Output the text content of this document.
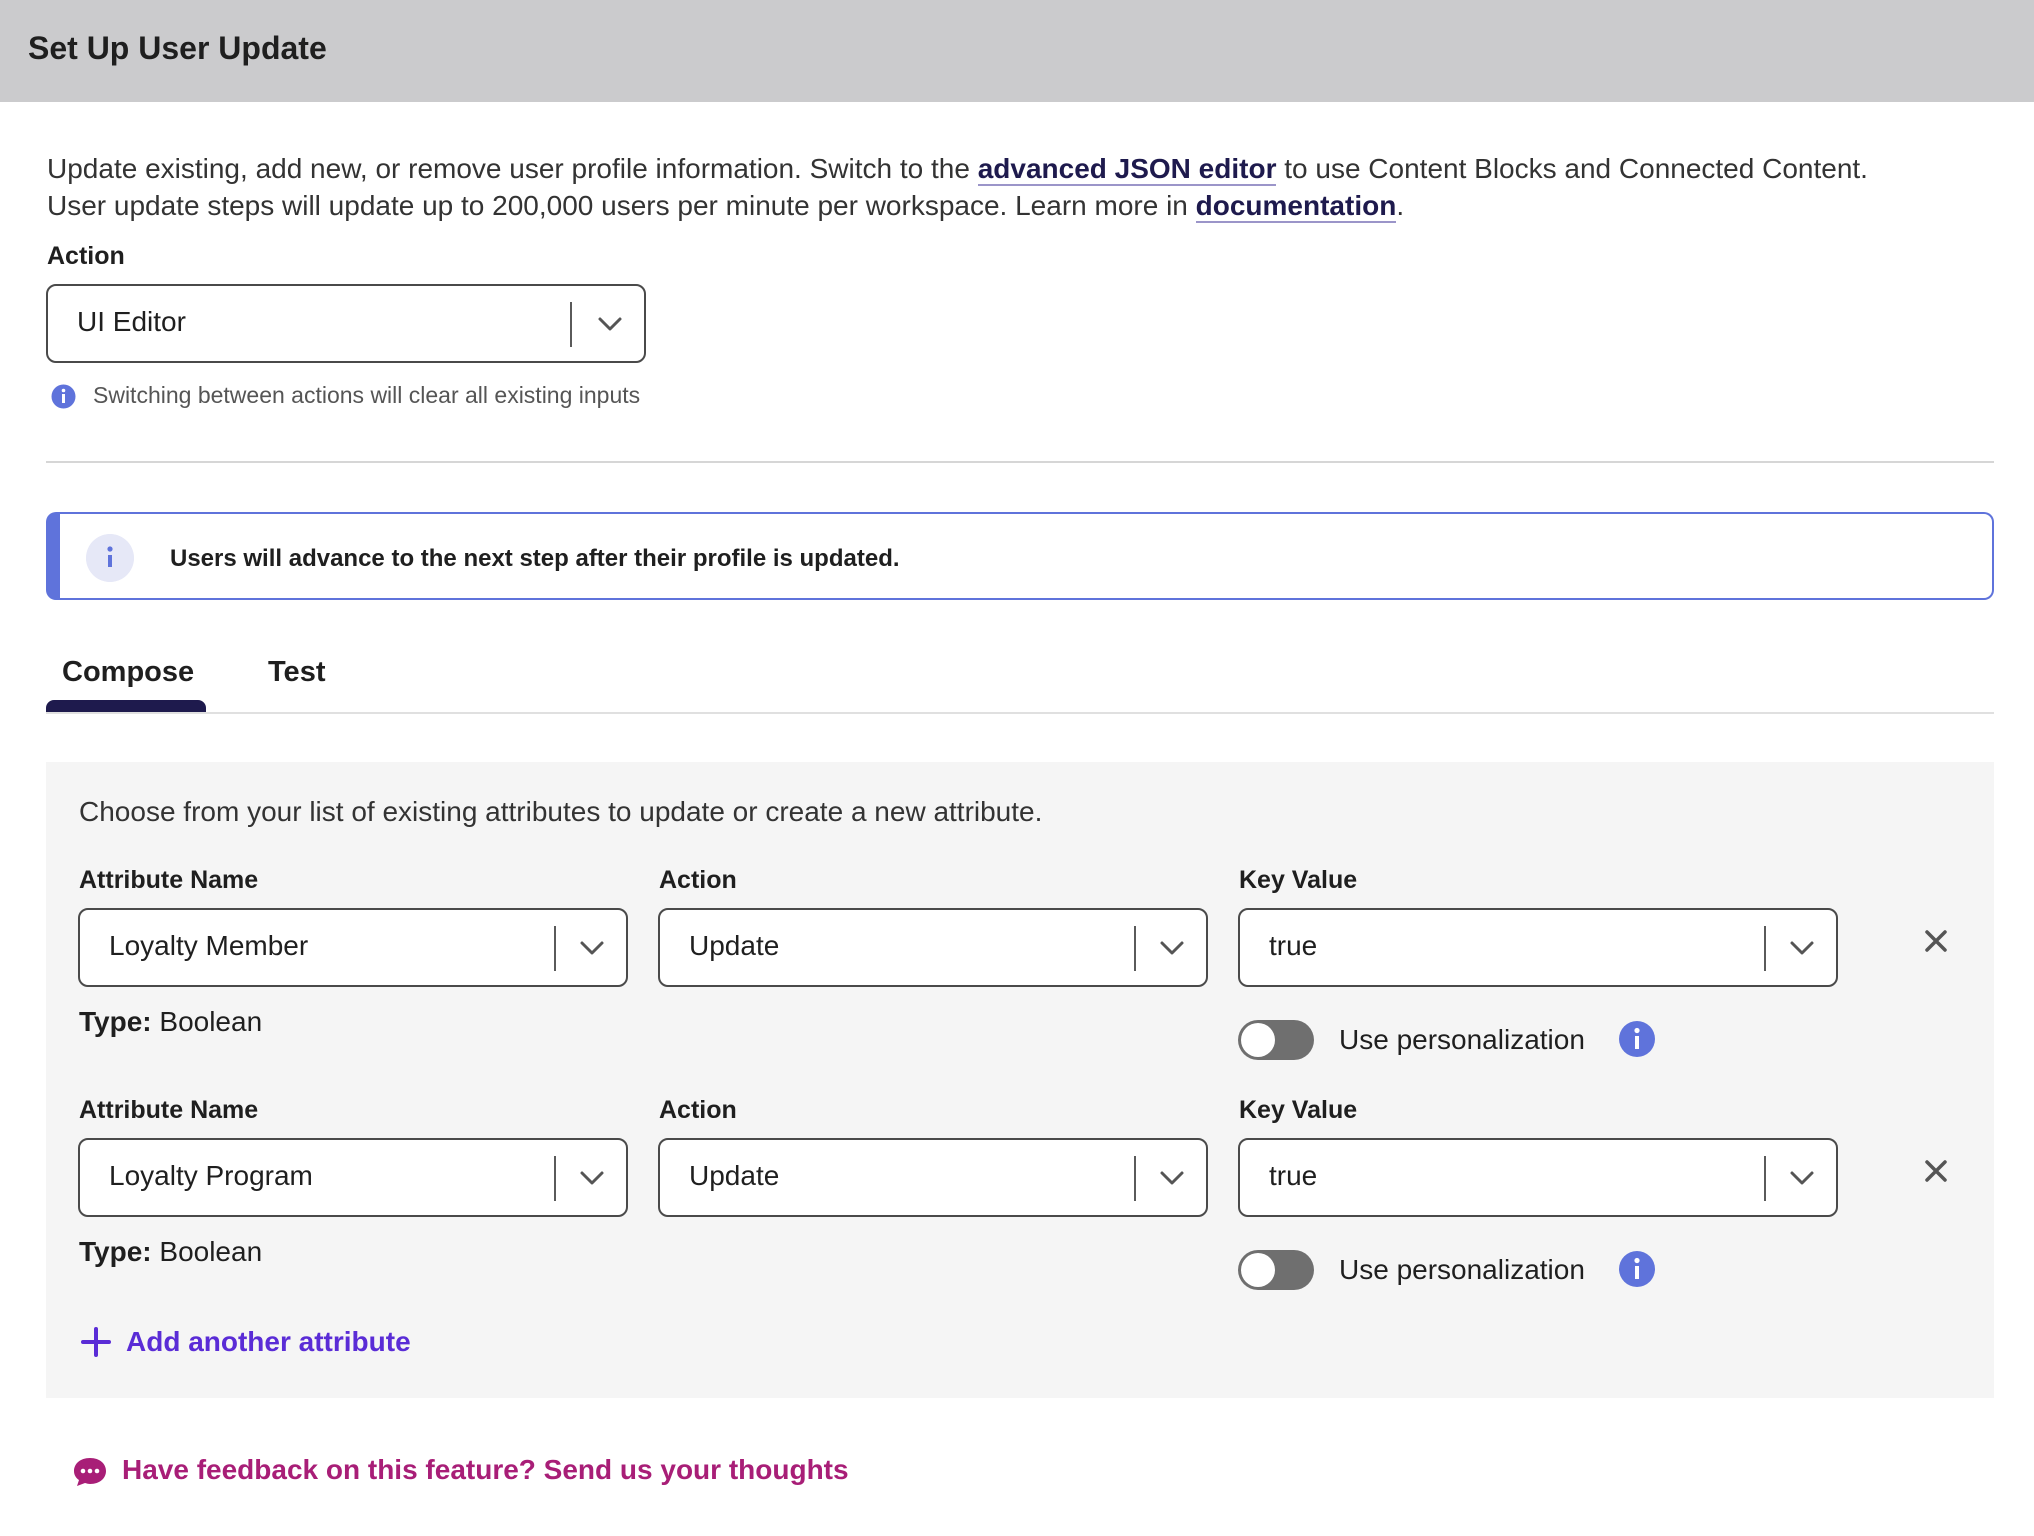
Set Up User Update
Update existing, add new, or remove user profile information. Switch to the advanced JSON editor to use Content Blocks and Connected Content.
User update steps will update up to 200,000 users per minute per workspace. Learn more in documentation.
Action
UI Editor
Switching between actions will clear all existing inputs
Users will advance to the next step after their profile is updated.
Compose	Test
Choose from your list of existing attributes to update or create a new attribute.
Attribute Name	Action	Key Value
Loyalty Member	Update	true
Type: Boolean
Use personalization
Attribute Name	Action	Key Value
Loyalty Program	Update	true
Type: Boolean
Use personalization
Add another attribute
Have feedback on this feature? Send us your thoughts
